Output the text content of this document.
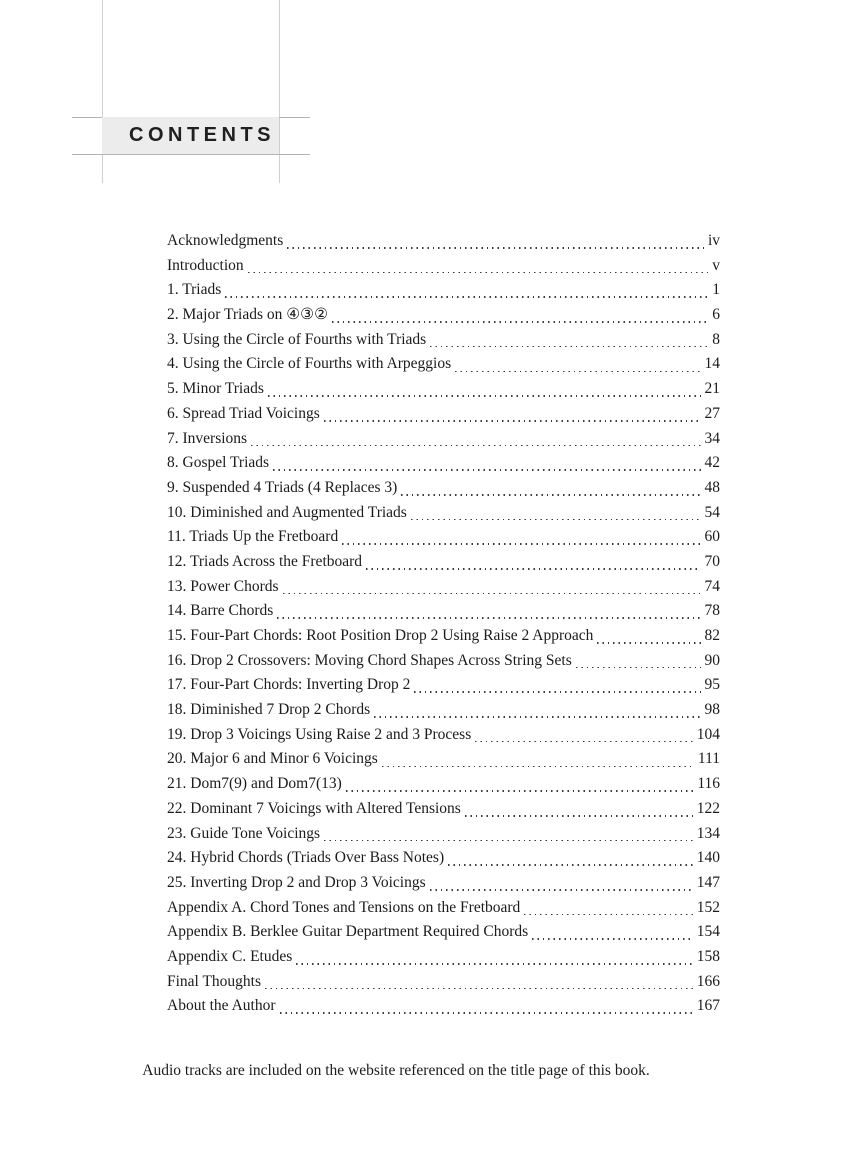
CONTENTS
Acknowledgments	iv
Introduction	v
1. Triads	1
2. Major Triads on ④③②	6
3. Using the Circle of Fourths with Triads	8
4. Using the Circle of Fourths with Arpeggios	14
5. Minor Triads	21
6. Spread Triad Voicings	27
7. Inversions	34
8. Gospel Triads	42
9. Suspended 4 Triads (4 Replaces 3)	48
10. Diminished and Augmented Triads	54
11. Triads Up the Fretboard	60
12. Triads Across the Fretboard	70
13. Power Chords	74
14. Barre Chords	78
15. Four-Part Chords: Root Position Drop 2 Using Raise 2 Approach	82
16. Drop 2 Crossovers: Moving Chord Shapes Across String Sets	90
17. Four-Part Chords: Inverting Drop 2	95
18. Diminished 7 Drop 2 Chords	98
19. Drop 3 Voicings Using Raise 2 and 3 Process	104
20. Major 6 and Minor 6 Voicings	111
21. Dom7(9) and Dom7(13)	116
22. Dominant 7 Voicings with Altered Tensions	122
23. Guide Tone Voicings	134
24. Hybrid Chords (Triads Over Bass Notes)	140
25. Inverting Drop 2 and Drop 3 Voicings	147
Appendix A. Chord Tones and Tensions on the Fretboard	152
Appendix B. Berklee Guitar Department Required Chords	154
Appendix C. Etudes	158
Final Thoughts	166
About the Author	167

Audio tracks are included on the website referenced on the title page of this book.
